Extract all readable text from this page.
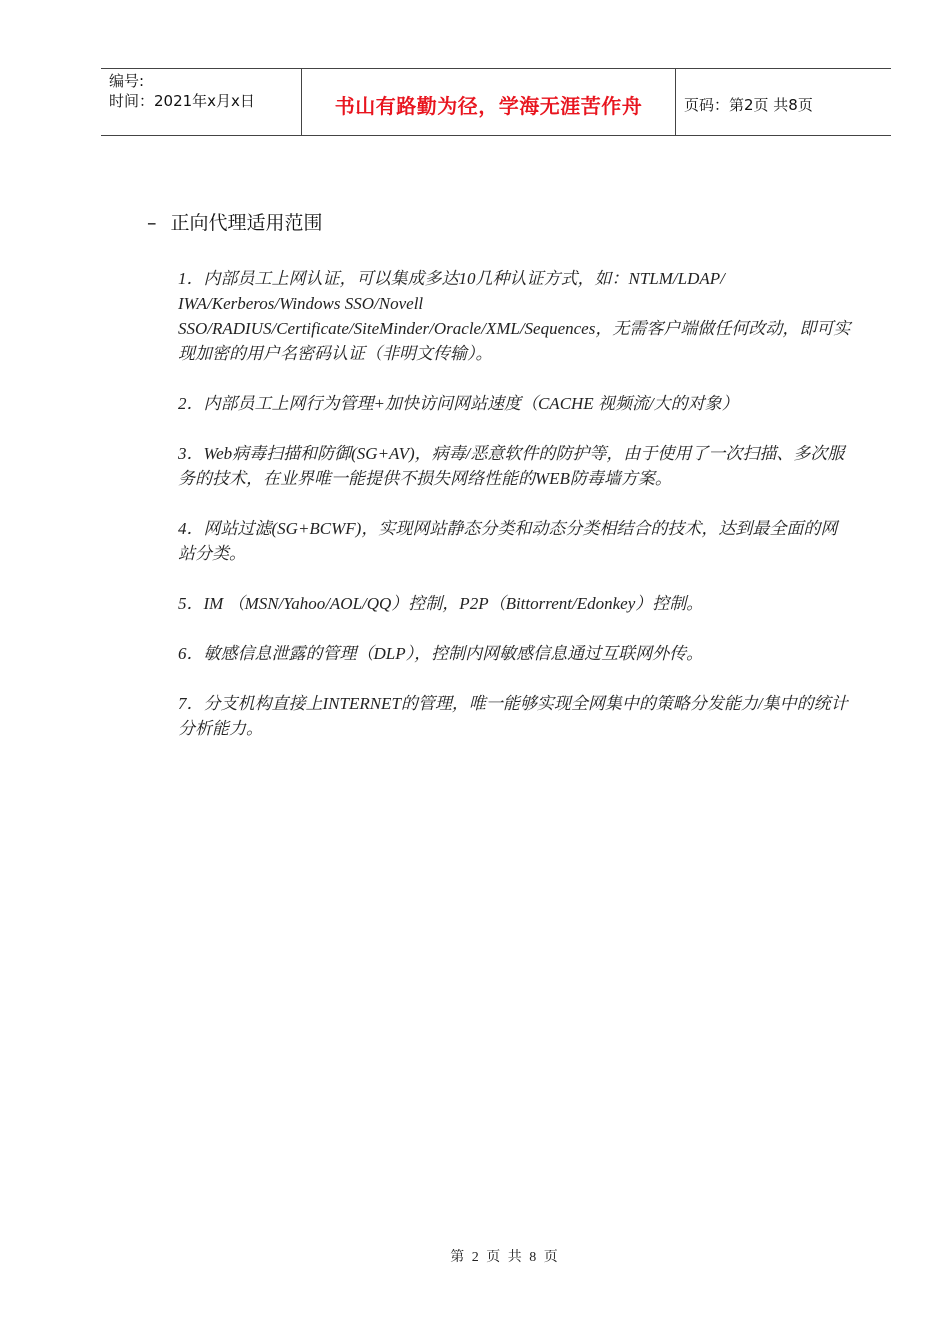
编号:
时间：2021年x月x日	书山有路勤为径，学海无涯苦作舟	页码：第2页 共8页
– 正向代理适用范围

1．内部员工上网认证，可以集成多达10几种认证方式，如：NTLM/LDAP/ IWA/Kerberos/Windows SSO/Novell SSO/RADIUS/Certificate/SiteMinder/Oracle/XML/Sequences，无需客户端做任何改动，即可实现加密的用户名密码认证（非明文传输）。

2．内部员工上网行为管理+加快访问网站速度（CACHE 视频流/大的对象）

3．Web病毒扫描和防御(SG+AV)，病毒/恶意软件的防护等，由于使用了一次扫描、多次服务的技术，在业界唯一能提供不损失网络性能的WEB防毒墙方案。

4．网站过滤(SG+BCWF)，实现网站静态分类和动态分类相结合的技术，达到最全面的网站分类。

5．IM （MSN/Yahoo/AOL/QQ）控制，P2P（Bittorrent/Edonkey）控制。

6．敏感信息泄露的管理（DLP），控制内网敏感信息通过互联网外传。

7．分支机构直接上INTERNET的管理，唯一能够实现全网集中的策略分发能力/集中的统计分析能力。

第 2 页 共 8 页
